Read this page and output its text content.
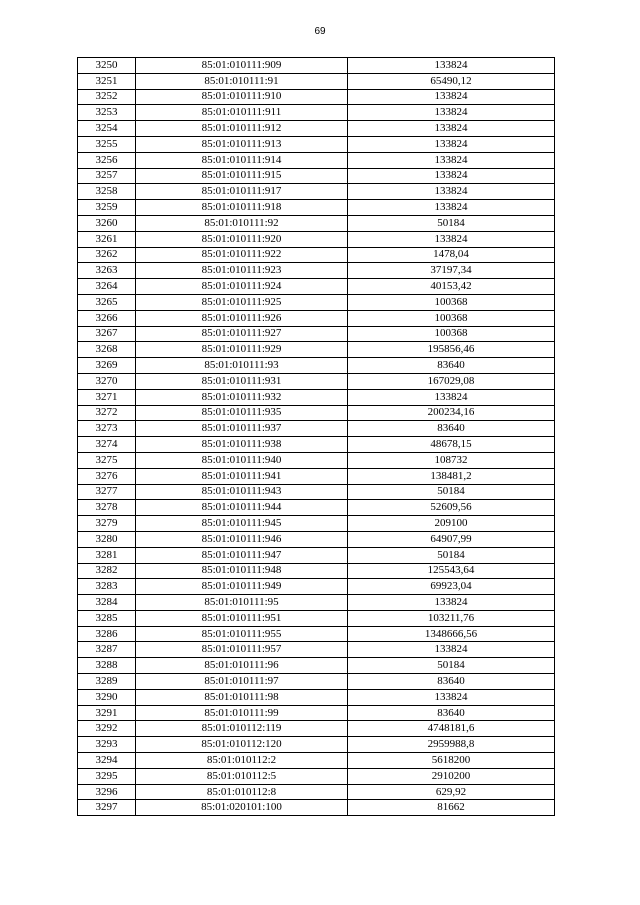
69
3250	85:01:010111:909	133824
3251	85:01:010111:91	65490,12
3252	85:01:010111:910	133824
3253	85:01:010111:911	133824
3254	85:01:010111:912	133824
3255	85:01:010111:913	133824
3256	85:01:010111:914	133824
3257	85:01:010111:915	133824
3258	85:01:010111:917	133824
3259	85:01:010111:918	133824
3260	85:01:010111:92	50184
3261	85:01:010111:920	133824
3262	85:01:010111:922	1478,04
3263	85:01:010111:923	37197,34
3264	85:01:010111:924	40153,42
3265	85:01:010111:925	100368
3266	85:01:010111:926	100368
3267	85:01:010111:927	100368
3268	85:01:010111:929	195856,46
3269	85:01:010111:93	83640
3270	85:01:010111:931	167029,08
3271	85:01:010111:932	133824
3272	85:01:010111:935	200234,16
3273	85:01:010111:937	83640
3274	85:01:010111:938	48678,15
3275	85:01:010111:940	108732
3276	85:01:010111:941	138481,2
3277	85:01:010111:943	50184
3278	85:01:010111:944	52609,56
3279	85:01:010111:945	209100
3280	85:01:010111:946	64907,99
3281	85:01:010111:947	50184
3282	85:01:010111:948	125543,64
3283	85:01:010111:949	69923,04
3284	85:01:010111:95	133824
3285	85:01:010111:951	103211,76
3286	85:01:010111:955	1348666,56
3287	85:01:010111:957	133824
3288	85:01:010111:96	50184
3289	85:01:010111:97	83640
3290	85:01:010111:98	133824
3291	85:01:010111:99	83640
3292	85:01:010112:119	4748181,6
3293	85:01:010112:120	2959988,8
3294	85:01:010112:2	5618200
3295	85:01:010112:5	2910200
3296	85:01:010112:8	629,92
3297	85:01:020101:100	81662
